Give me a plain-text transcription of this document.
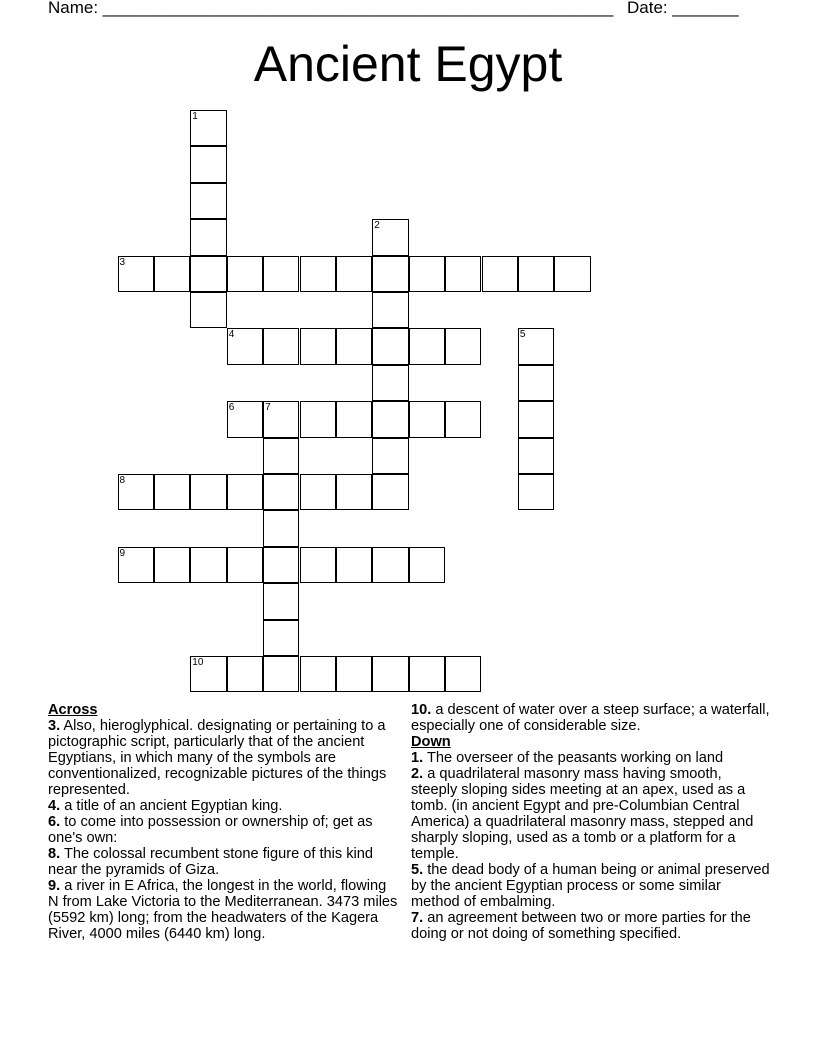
Name: ______________________________________________________ Date: _______
Ancient Egypt
1
2
3
4	5
6	7
8
9
10
Across
3. Also, hieroglyphical. designating or pertaining to a pictographic script, particularly that of the ancient Egyptians, in which many of the symbols are conventionalized, recognizable pictures of the things represented.
4. a title of an ancient Egyptian king.
6. to come into possession or ownership of; get as one's own:
8. The colossal recumbent stone figure of this kind near the pyramids of Giza.
9. a river in E Africa, the longest in the world, flowing N from Lake Victoria to the Mediterranean. 3473 miles (5592 km) long; from the headwaters of the Kagera River, 4000 miles (6440 km) long.
10. a descent of water over a steep surface; a waterfall, especially one of considerable size.
Down
1. The overseer of the peasants working on land
2. a quadrilateral masonry mass having smooth, steeply sloping sides meeting at an apex, used as a tomb. (in ancient Egypt and pre-Columbian Central America) a quadrilateral masonry mass, stepped and sharply sloping, used as a tomb or a platform for a temple.
5. the dead body of a human being or animal preserved by the ancient Egyptian process or some similar method of embalming.
7. an agreement between two or more parties for the doing or not doing of something specified.
